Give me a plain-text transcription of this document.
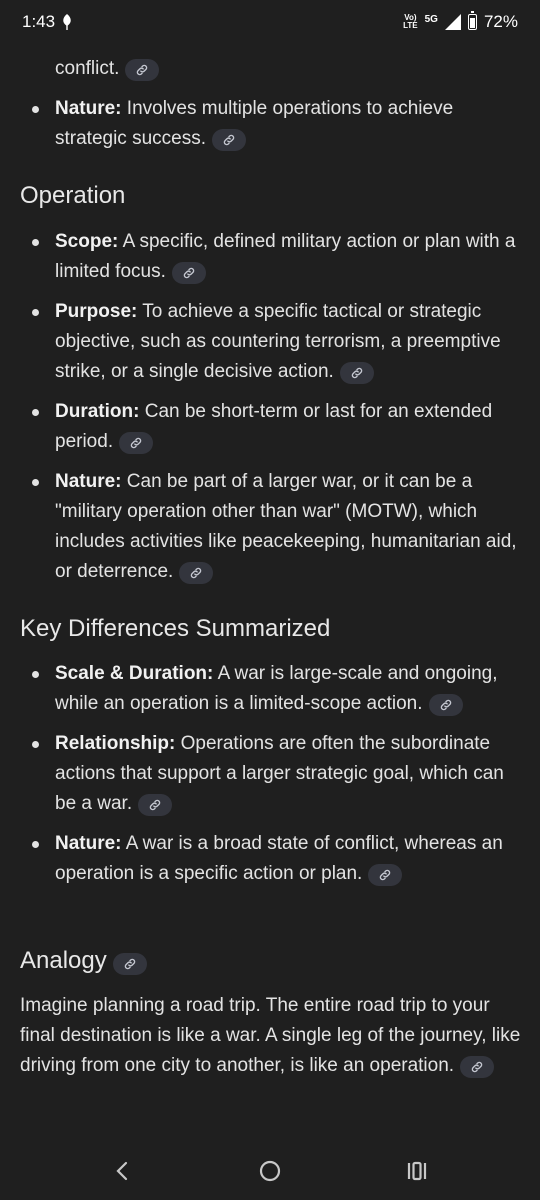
conflict.
Nature: Involves multiple operations to achieve strategic success.
Operation
Scope: A specific, defined military action or plan with a limited focus.
Purpose: To achieve a specific tactical or strategic objective, such as countering terrorism, a preemptive strike, or a single decisive action.
Duration: Can be short-term or last for an extended period.
Nature: Can be part of a larger war, or it can be a "military operation other than war" (MOTW), which includes activities like peacekeeping, humanitarian aid, or deterrence.
Key Differences Summarized
Scale & Duration: A war is large-scale and ongoing, while an operation is a limited-scope action.
Relationship: Operations are often the subordinate actions that support a larger strategic goal, which can be a war.
Nature: A war is a broad state of conflict, whereas an operation is a specific action or plan.
Analogy
Imagine planning a road trip. The entire road trip to your final destination is like a war. A single leg of the journey, like driving from one city to another, is like an operation.
1:43	Vo)
LTE
5G	72%
